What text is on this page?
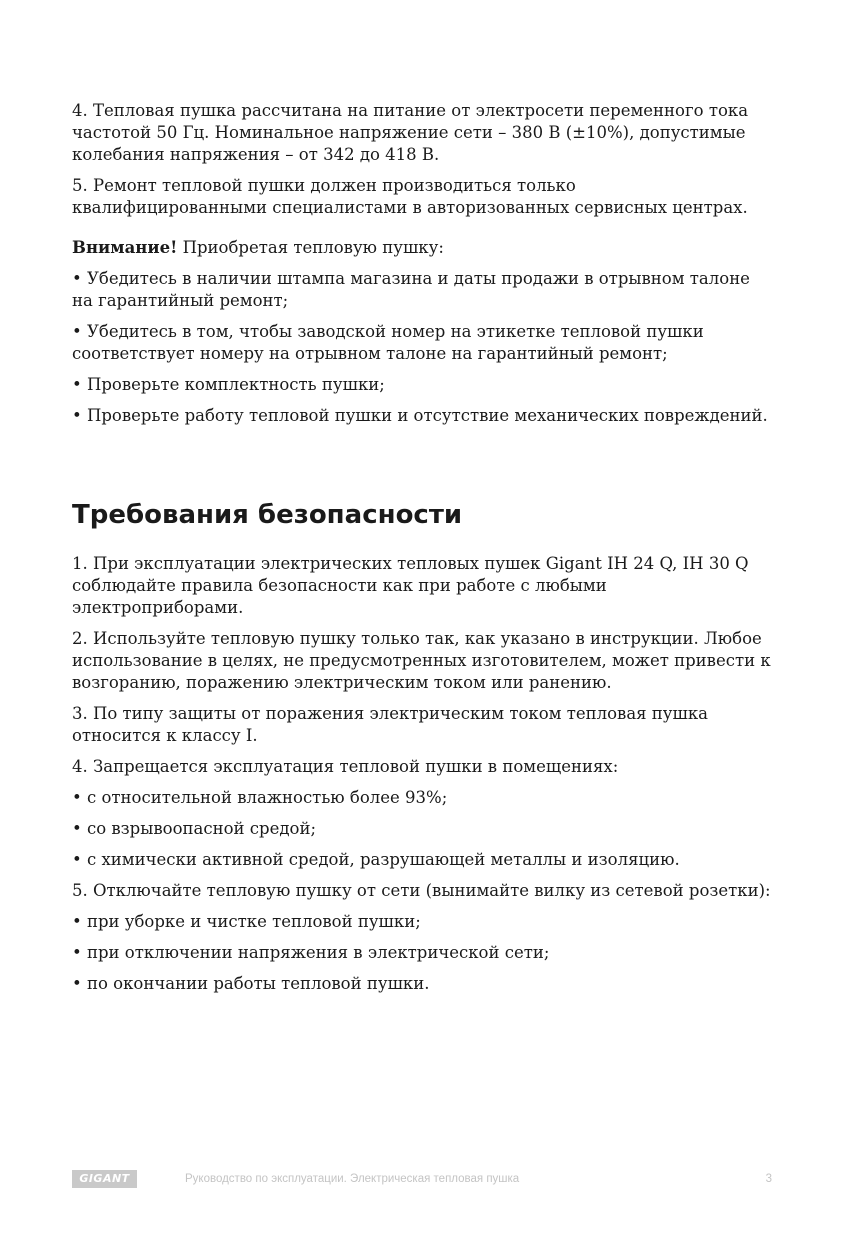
4. Тепловая пушка рассчитана на питание от электросети переменного тока частотой 50 Гц. Номинальное напряжение сети – 380 В (±10%), допустимые колебания напряжения – от 342 до 418 В.

5. Ремонт тепловой пушки должен производиться только квалифицированными специалистами в авторизованных сервисных центрах.

Внимание! Приобретая тепловую пушку:

• Убедитесь в наличии штампа магазина и даты продажи в отрывном талоне на гарантийный ремонт;

• Убедитесь в том, чтобы заводской номер на этикетке тепловой пушки соответствует номеру на отрывном талоне на гарантийный ремонт;

• Проверьте комплектность пушки;

• Проверьте работу тепловой пушки и отсутствие механических повреждений.

Требования безопасности

1. При эксплуатации электрических тепловых пушек Gigant IH 24 Q, IH 30 Q соблюдайте правила безопасности как при работе с любыми электроприборами.

2. Используйте тепловую пушку только так, как указано в инструкции. Любое использование в целях, не предусмотренных изготовителем, может привести к возгоранию, поражению электрическим током или ранению.

3. По типу защиты от поражения электрическим током тепловая пушка относится к классу I.

4. Запрещается эксплуатация тепловой пушки в помещениях:

• с относительной влажностью более 93%;

• со взрывоопасной средой;

• с химически активной средой, разрушающей металлы и изоляцию.

5. Отключайте тепловую пушку от сети (вынимайте вилку из сетевой розетки):

• при уборке и чистке тепловой пушки;

• при отключении напряжения в электрической сети;

• по окончании работы тепловой пушки.

GIGANT	Руководство по эксплуатации. Электрическая тепловая пушка	3
